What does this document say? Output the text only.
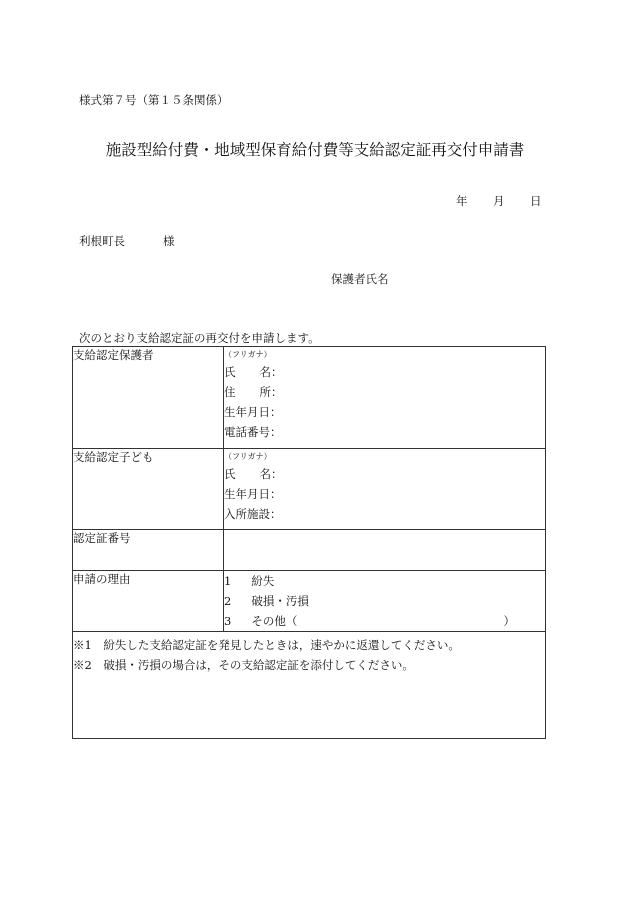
様式第７号（第１５条関係）
施設型給付費・地域型保育給付費等支給認定証再交付申請書
年 月 日
利根町長	様
保護者氏名
次のとおり支給認定証の再交付を申請します。
支給認定保護者	（フリガナ）
氏 名：
住 所：
生年月日：
電話番号：

支給認定子ども	（フリガナ）
氏 名：
生年月日：
入所施設：

認定証番号	
申請の理由	1 紛失
2 破損・汚損
3 その他（ ）

※1　紛失した支給認定証を発見したときは，速やかに返還してください。
※2　破損・汚損の場合は，その支給認定証を添付してください。	
